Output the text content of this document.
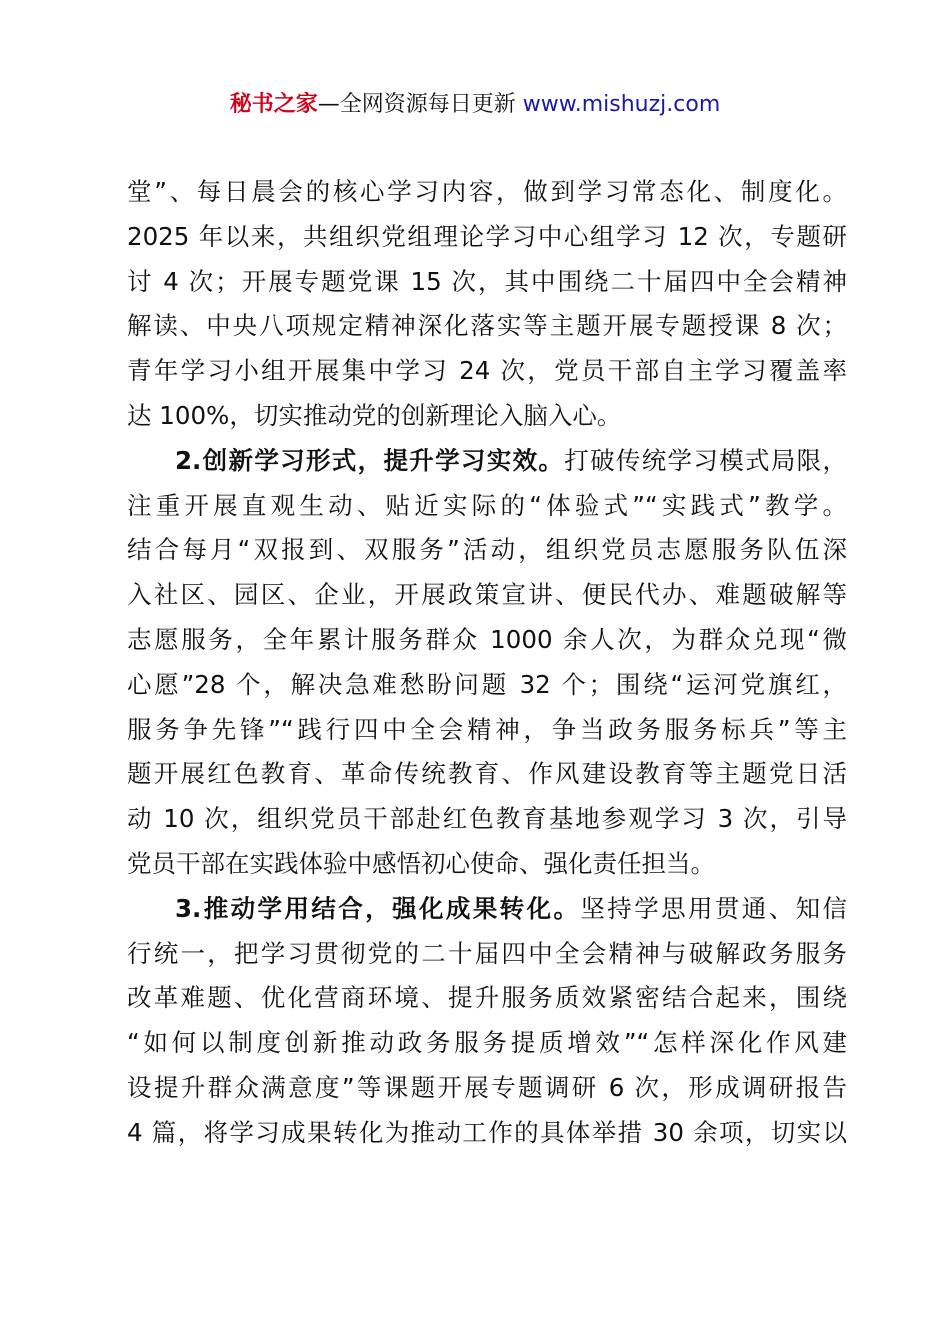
秘书之家—全网资源每日更新 www.mishuzj.com
堂”、每日晨会的核心学习内容，做到学习常态化、制度化。
2025 年以来，共组织党组理论学习中心组学习 12 次，专题研
讨 4 次；开展专题党课 15 次，其中围绕二十届四中全会精神
解读、中央八项规定精神深化落实等主题开展专题授课 8 次；
青年学习小组开展集中学习 24 次，党员干部自主学习覆盖率
达 100%，切实推动党的创新理论入脑入心。
2.创新学习形式，提升学习实效。打破传统学习模式局限，
注重开展直观生动、贴近实际的“体验式”“实践式”教学。
结合每月“双报到、双服务”活动，组织党员志愿服务队伍深
入社区、园区、企业，开展政策宣讲、便民代办、难题破解等
志愿服务，全年累计服务群众 1000 余人次，为群众兑现“微
心愿”28 个，解决急难愁盼问题 32 个；围绕“运河党旗红，
服务争先锋”“践行四中全会精神，争当政务服务标兵”等主
题开展红色教育、革命传统教育、作风建设教育等主题党日活
动 10 次，组织党员干部赴红色教育基地参观学习 3 次，引导
党员干部在实践体验中感悟初心使命、强化责任担当。
3.推动学用结合，强化成果转化。坚持学思用贯通、知信
行统一，把学习贯彻党的二十届四中全会精神与破解政务服务
改革难题、优化营商环境、提升服务质效紧密结合起来，围绕
“如何以制度创新推动政务服务提质增效”“怎样深化作风建
设提升群众满意度”等课题开展专题调研 6 次，形成调研报告
4 篇，将学习成果转化为推动工作的具体举措 30 余项，切实以
